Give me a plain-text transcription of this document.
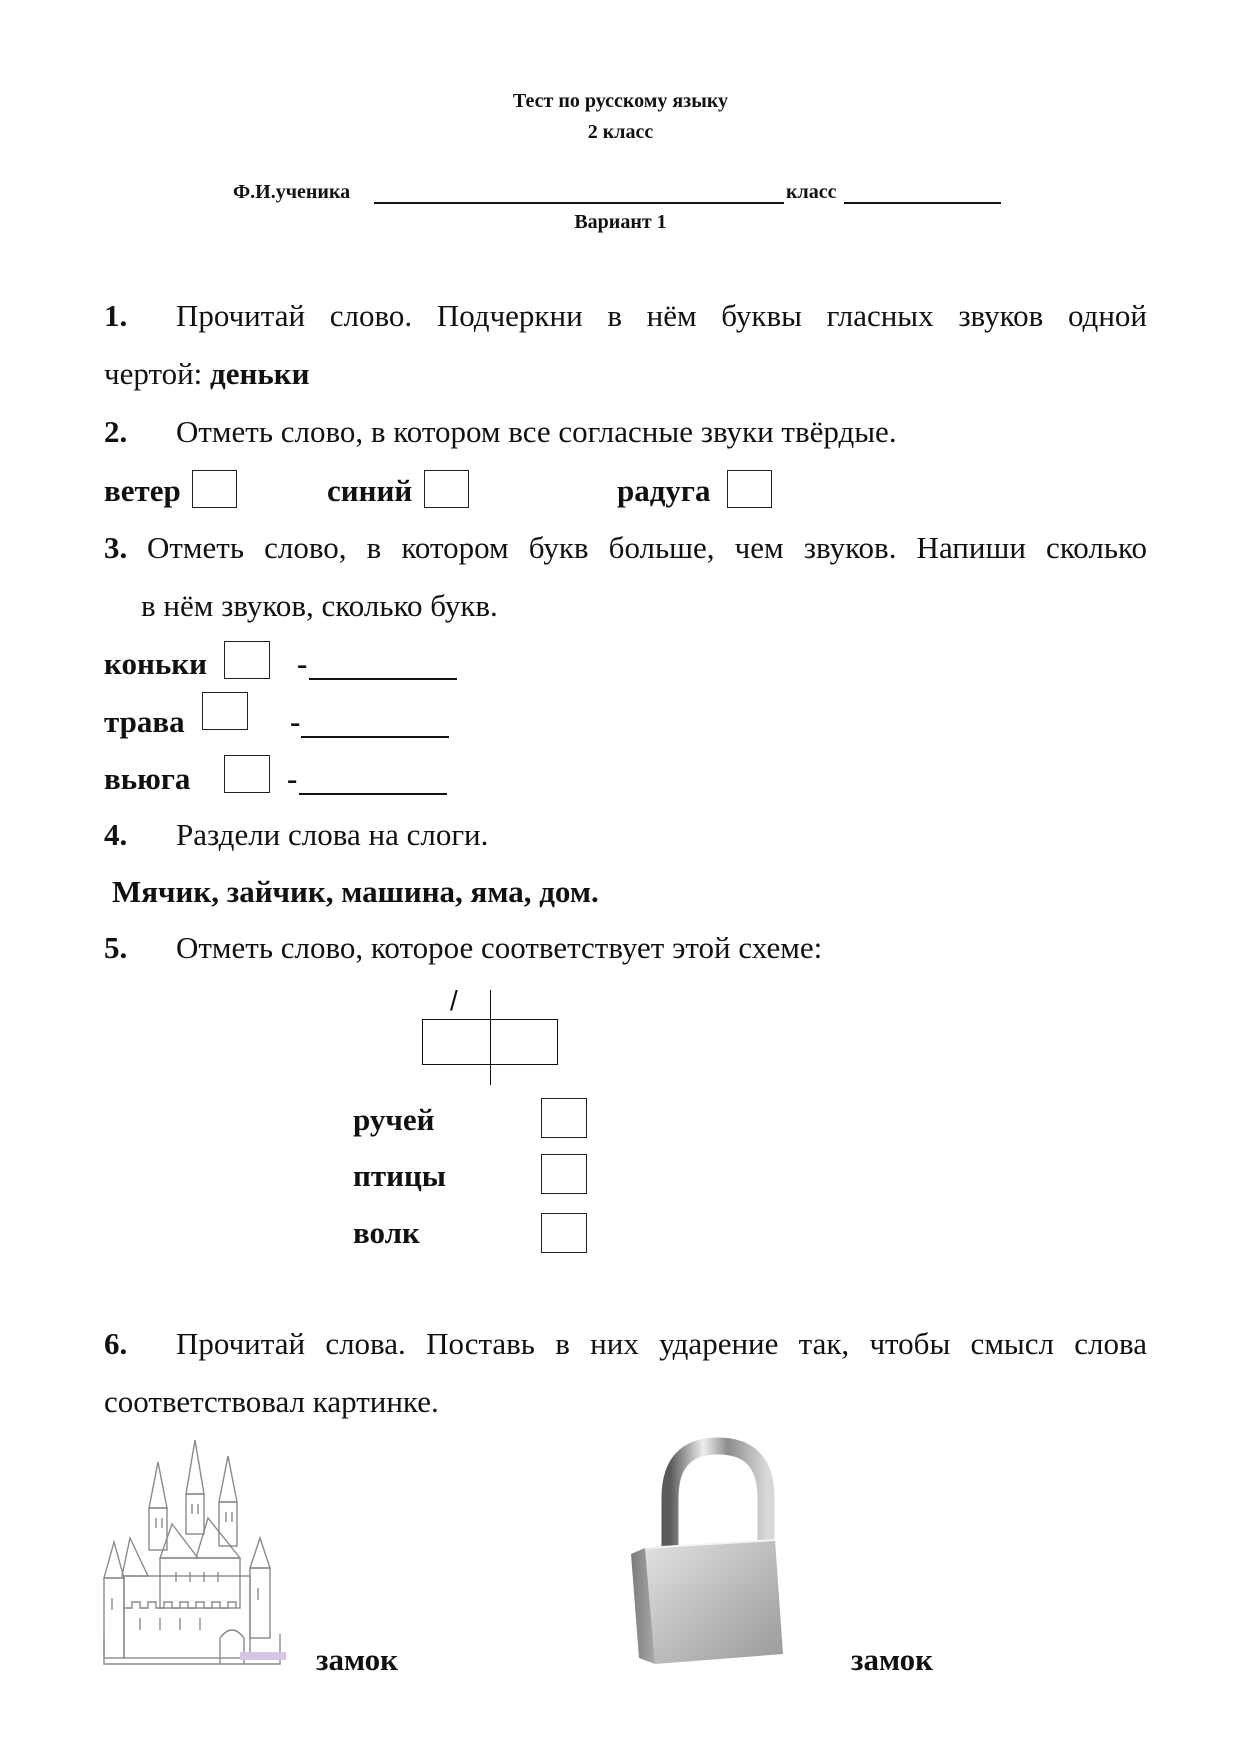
Тест по русскому языку
2 класс
Ф.И.ученика	класс
Вариант 1
1. Прочитай слово. Подчеркни в нём буквы гласных звуков одной
чертой: деньки
2. Отметь слово, в котором все согласные звуки твёрдые.
ветер	синий	радуга
3. Отметь слово, в котором букв больше, чем звуков. Напиши сколько
в нём звуков, сколько букв.
коньки	-
трава	-
вьюга	-
4. Раздели слова на слоги.
Мячик, зайчик, машина, яма, дом.
5. Отметь слово, которое соответствует этой схеме:
/
ручей
птицы
волк
6. Прочитай слова. Поставь в них ударение так, чтобы смысл слова
соответствовал картинке.
замок	замок
